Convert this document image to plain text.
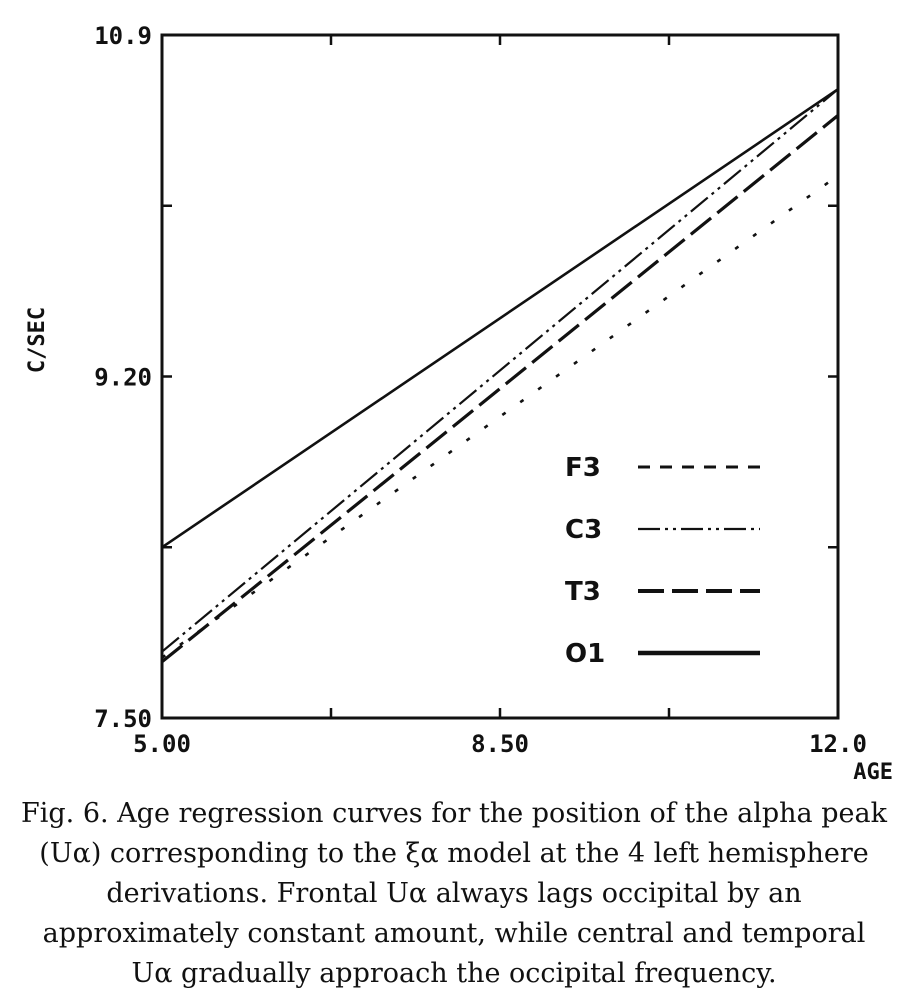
5.00	8.50	12.0
10.9
9.20
7.50
F3
C3
T3
O1
AGE
C/SEC
Fig. 6. Age regression curves for the position of the alpha peak (Uα) corresponding to the ξα model at the 4 left hemisphere derivations. Frontal Uα always lags occipital by an approximately constant amount, while central and temporal Uα gradually approach the occipital frequency.
